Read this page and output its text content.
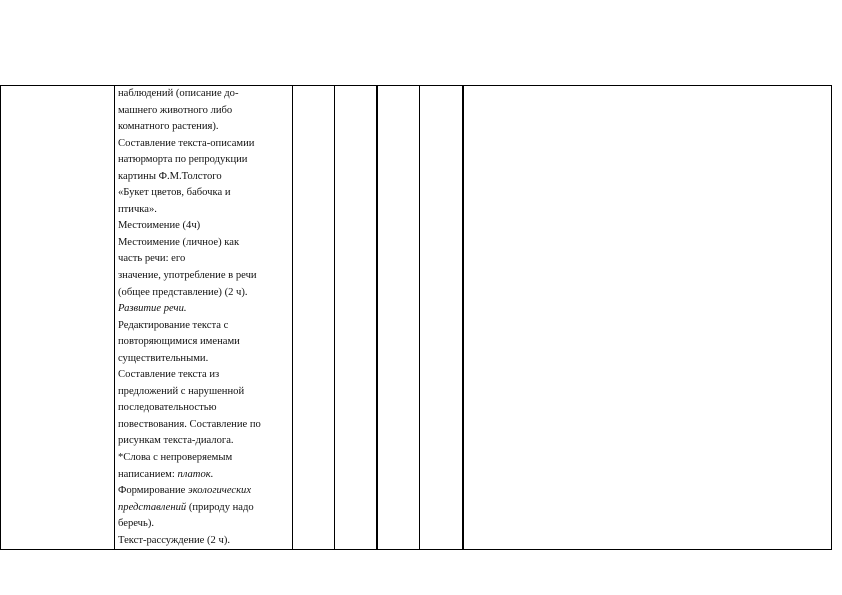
наблюдений (описание до-
машнего животного либо
комнатного растения).
Составление текста-описамии
натюрморта по репродукции
картины Ф.М.Толстого
«Букет цветов, бабочка и
птичка».
Местоимение (4ч)
Местоимение (личное) как
часть речи: его
значение, употребление в речи
(общее представление) (2 ч).
Развитие речи.
Редактирование текста с
повторяющимися именами
существительными.
Составление текста из
предложений с нарушенной
последовательностью
повествования. Составление по
рисункам текста-диалога.
*Слова с непроверяемым
написанием: платок.
Формирование экологических
представлений (природу надо
беречь).
Текст-рассуждение (2 ч).
